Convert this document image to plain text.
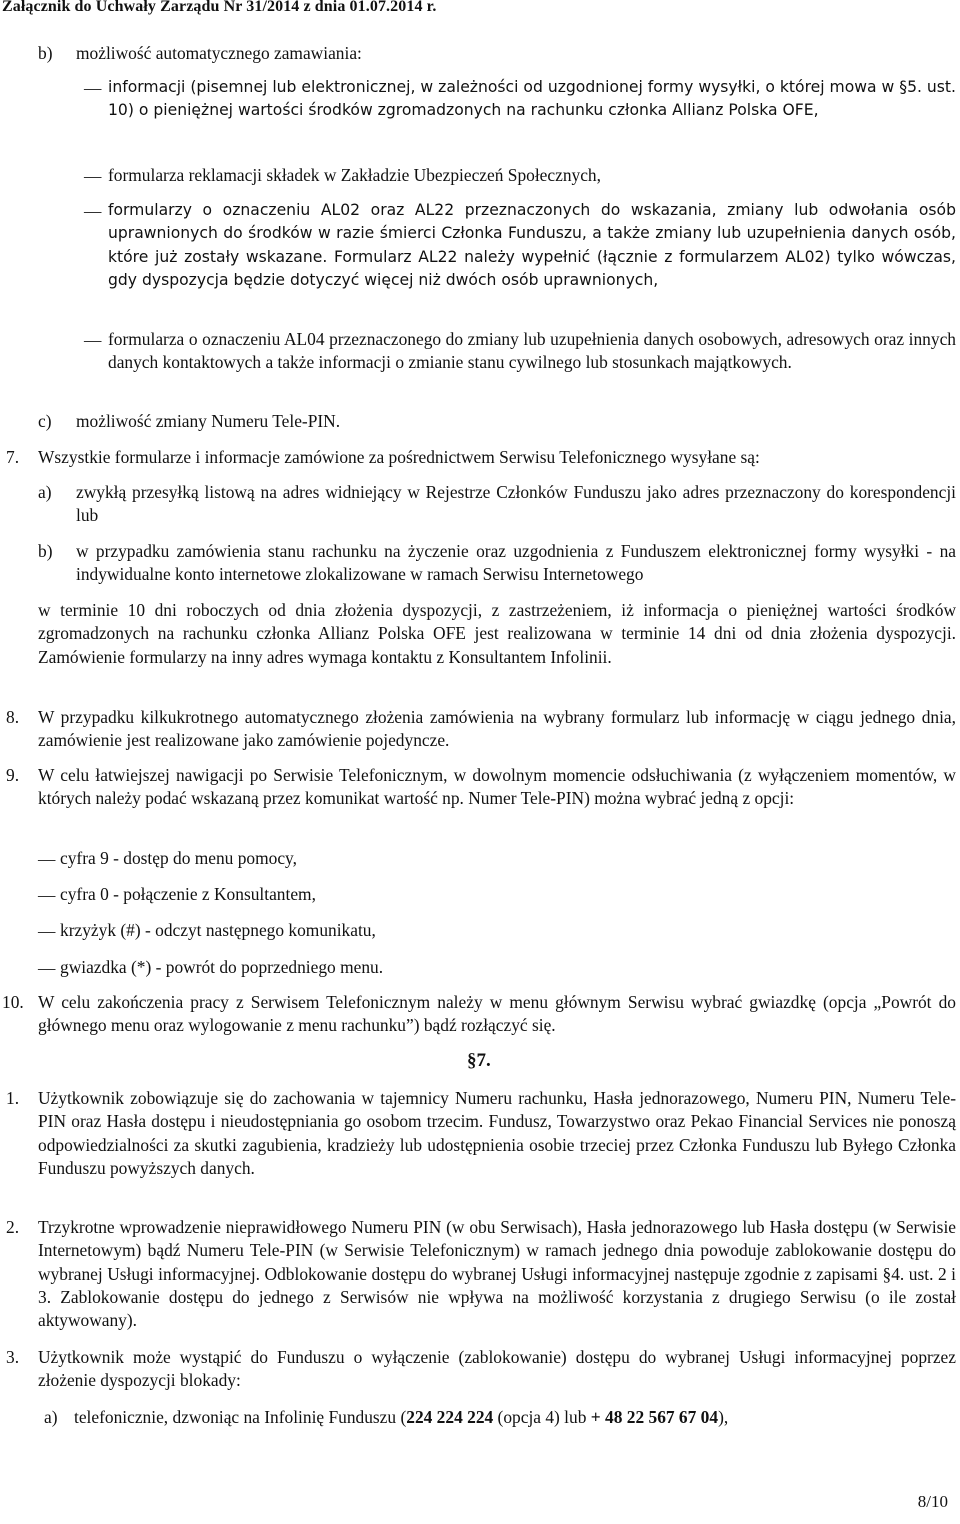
Załącznik do Uchwały Zarządu Nr 31/2014 z dnia 01.07.2014 r.
b) możliwość automatycznego zamawiania:
— informacji (pisemnej lub elektronicznej, w zależności od uzgodnionej formy wysyłki, o której mowa w §5. ust. 10) o pieniężnej wartości środków zgromadzonych na rachunku członka Allianz Polska OFE,
— formularza reklamacji składek w Zakładzie Ubezpieczeń Społecznych,
— formularzy o oznaczeniu AL02 oraz AL22 przeznaczonych do wskazania, zmiany lub odwołania osób uprawnionych do środków w razie śmierci Członka Funduszu, a także zmiany lub uzupełnienia danych osób, które już zostały wskazane. Formularz AL22 należy wypełnić (łącznie z formularzem AL02) tylko wówczas, gdy dyspozycja będzie dotyczyć więcej niż dwóch osób uprawnionych,
— formularza o oznaczeniu AL04 przeznaczonego do zmiany lub uzupełnienia danych osobowych, adresowych oraz innych danych kontaktowych a także informacji o zmianie stanu cywilnego lub stosunkach majątkowych.
c) możliwość zmiany Numeru Tele-PIN.
7. Wszystkie formularze i informacje zamówione za pośrednictwem Serwisu Telefonicznego wysyłane są:
a) zwykłą przesyłką listową na adres widniejący w Rejestrze Członków Funduszu jako adres przeznaczony do korespondencji lub
b) w przypadku zamówienia stanu rachunku na życzenie oraz uzgodnienia z Funduszem elektronicznej formy wysyłki - na indywidualne konto internetowe zlokalizowane w ramach Serwisu Internetowego
w terminie 10 dni roboczych od dnia złożenia dyspozycji, z zastrzeżeniem, iż informacja o pieniężnej wartości środków zgromadzonych na rachunku członka Allianz Polska OFE jest realizowana w terminie 14 dni od dnia złożenia dyspozycji. Zamówienie formularzy na inny adres wymaga kontaktu z Konsultantem Infolinii.
8. W przypadku kilkukrotnego automatycznego złożenia zamówienia na wybrany formularz lub informację w ciągu jednego dnia, zamówienie jest realizowane jako zamówienie pojedyncze.
9. W celu łatwiejszej nawigacji po Serwisie Telefonicznym, w dowolnym momencie odsłuchiwania (z wyłączeniem momentów, w których należy podać wskazaną przez komunikat wartość np. Numer Tele-PIN) można wybrać jedną z opcji:
— cyfra 9 - dostęp do menu pomocy,
— cyfra 0 - połączenie z Konsultantem,
— krzyżyk (#) - odczyt następnego komunikatu,
— gwiazdka (*) - powrót do poprzedniego menu.
10. W celu zakończenia pracy z Serwisem Telefonicznym należy w menu głównym Serwisu wybrać gwiazdkę (opcja „Powrót do głównego menu oraz wylogowanie z menu rachunku”) bądź rozłączyć się.
§7.
1. Użytkownik zobowiązuje się do zachowania w tajemnicy Numeru rachunku, Hasła jednorazowego, Numeru PIN, Numeru Tele-PIN oraz Hasła dostępu i nieudostępniania go osobom trzecim. Fundusz, Towarzystwo oraz Pekao Financial Services nie ponoszą odpowiedzialności za skutki zagubienia, kradzieży lub udostępnienia osobie trzeciej przez Członka Funduszu lub Byłego Członka Funduszu powyższych danych.
2. Trzykrotne wprowadzenie nieprawidłowego Numeru PIN (w obu Serwisach), Hasła jednorazowego lub Hasła dostępu (w Serwisie Internetowym) bądź Numeru Tele-PIN (w Serwisie Telefonicznym) w ramach jednego dnia powoduje zablokowanie dostępu do wybranej Usługi informacyjnej. Odblokowanie dostępu do wybranej Usługi informacyjnej następuje zgodnie z zapisami §4. ust. 2 i 3. Zablokowanie dostępu do jednego z Serwisów nie wpływa na możliwość korzystania z drugiego Serwisu (o ile został aktywowany).
3. Użytkownik może wystąpić do Funduszu o wyłączenie (zablokowanie) dostępu do wybranej Usługi informacyjnej poprzez złożenie dyspozycji blokady:
a) telefonicznie, dzwoniąc na Infolinię Funduszu (224 224 224 (opcja 4) lub + 48 22 567 67 04),
8/10
